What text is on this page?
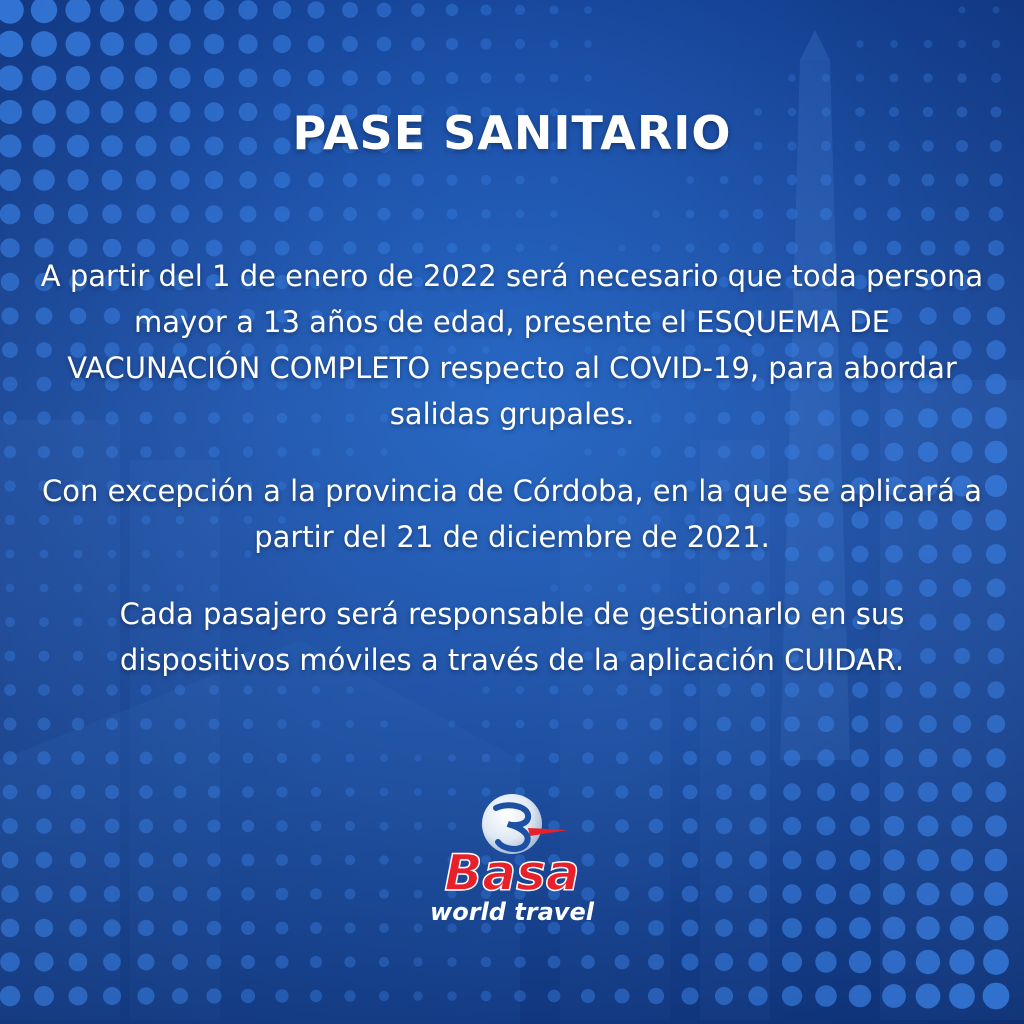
PASE SANITARIO
A partir del 1 de enero de 2022 será necesario que toda persona mayor a 13 años de edad, presente el ESQUEMA DE VACUNACIÓN COMPLETO respecto al COVID-19, para abordar salidas grupales.
Con excepción a la provincia de Córdoba, en la que se aplicará a partir del 21 de diciembre de 2021.
Cada pasajero será responsable de gestionarlo en sus dispositivos móviles a través de la aplicación CUIDAR.
Basa
world travel
